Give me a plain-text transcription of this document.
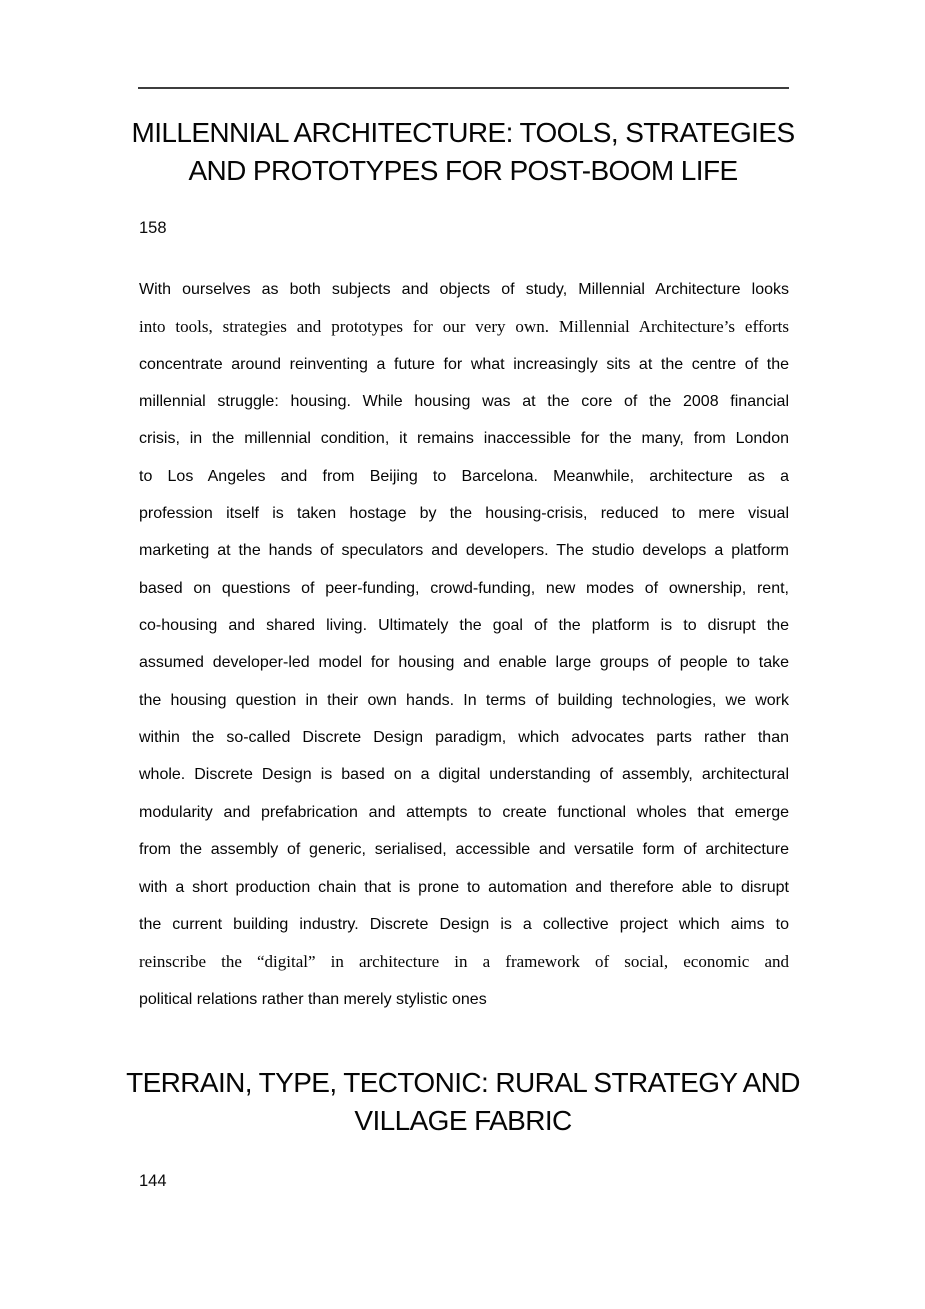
MILLENNIAL ARCHITECTURE: TOOLS, STRATEGIES
AND PROTOTYPES FOR POST-BOOM LIFE
158
With ourselves as both subjects and objects of study, Millennial Architecture looks
into tools, strategies and prototypes for our very own. Millennial Architecture’s efforts
concentrate around reinventing a future for what increasingly sits at the centre of the
millennial struggle: housing. While housing was at the core of the 2008 financial
crisis, in the millennial condition, it remains inaccessible for the many, from London
to Los Angeles and from Beijing to Barcelona. Meanwhile, architecture as a
profession itself is taken hostage by the housing-crisis, reduced to mere visual
marketing at the hands of speculators and developers. The studio develops a platform
based on questions of peer-funding, crowd-funding, new modes of ownership, rent,
co-housing and shared living. Ultimately the goal of the platform is to disrupt the
assumed developer-led model for housing and enable large groups of people to take
the housing question in their own hands. In terms of building technologies, we work
within the so-called Discrete Design paradigm, which advocates parts rather than
whole. Discrete Design is based on a digital understanding of assembly, architectural
modularity and prefabrication and attempts to create functional wholes that emerge
from the assembly of generic, serialised, accessible and versatile form of architecture
with a short production chain that is prone to automation and therefore able to disrupt
the current building industry. Discrete Design is a collective project which aims to
reinscribe the “digital” in architecture in a framework of social, economic and
political relations rather than merely stylistic ones
TERRAIN, TYPE, TECTONIC: RURAL STRATEGY AND
VILLAGE FABRIC
144
